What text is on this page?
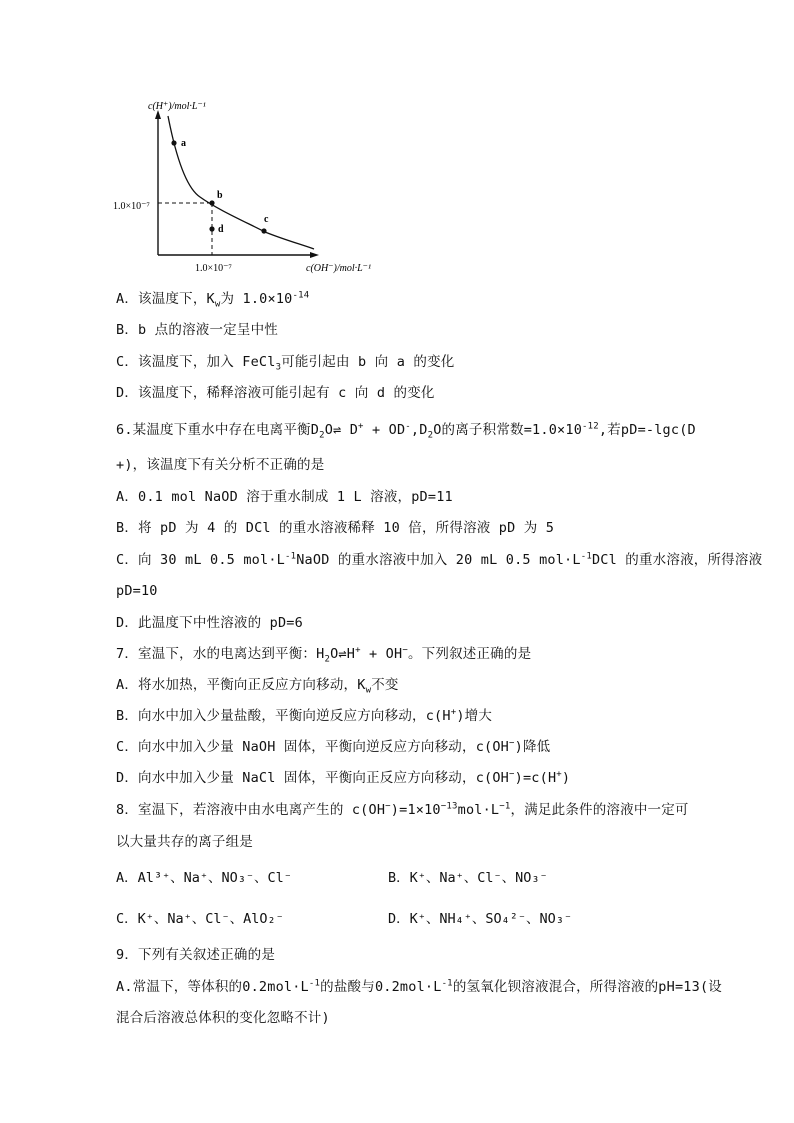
a
b
c
d
c(H⁺)/mol·L⁻¹
c(OH⁻)/mol·L⁻¹
1.0×10⁻⁷
1.0×10⁻⁷
A．该温度下，$K_w$为 $1.0\times 10^{-14}$
B．b 点的溶液一定呈中性
C．该温度下，加入 FeCl$_3$可能引起由 b 向 a 的变化
D．该温度下，稀释溶液可能引起有 c 向 d 的变化
6.某温度下重水中存在电离平衡$D_2O\rightleftharpoons$ $D^+ + OD^-,D_2O$的离子积常数$=1.0\times 10^{-12}$,若pD=-lgc(D
+)，该温度下有关分析不正确的是
A．0.1 mol NaOD 溶于重水制成 1 L 溶液，pD=11
B．将 pD 为 4 的 DCl 的重水溶液稀释 10 倍，所得溶液 pD 为 5
C．向 30 mL 0.5 $mol\cdot L^{-1}NaOD$ 的重水溶液中加入 20 mL 0.5 $mol\cdot L^{-1}DCl$ 的重水溶液，所得溶液
pD=10
D．此温度下中性溶液的 pD=6
7．室温下，水的电离达到平衡：$H_2O\rightleftharpoons H^+ + OH^-$。下列叙述正确的是
A．将水加热，平衡向正反应方向移动，$K_w$不变
B．向水中加入少量盐酸，平衡向逆反应方向移动，c(H+)增大
C．向水中加入少量 NaOH 固体，平衡向逆反应方向移动，c(OH−)降低
D．向水中加入少量 NaCl 固体，平衡向正反应方向移动，c(OH−)=c(H+)
8．室温下，若溶液中由水电离产生的 $c(OH^-)=1\times 10^{-13}mol\cdot L^{-1}$，满足此条件的溶液中一定可
以大量共存的离子组是
A．Al³⁺、Na⁺、NO₃⁻、Cl⁻	B．K⁺、Na⁺、Cl⁻、NO₃⁻
C．K⁺、Na⁺、Cl⁻、AlO₂⁻	D．K⁺、NH₄⁺、SO₄²⁻、NO₃⁻
9．下列有关叙述正确的是
A.常温下，等体积的$0.2mol\cdot L^{-1}$的盐酸与$0.2mol\cdot L^{-1}$的氢氧化钡溶液混合，所得溶液的pH=13(设
混合后溶液总体积的变化忽略不计)
